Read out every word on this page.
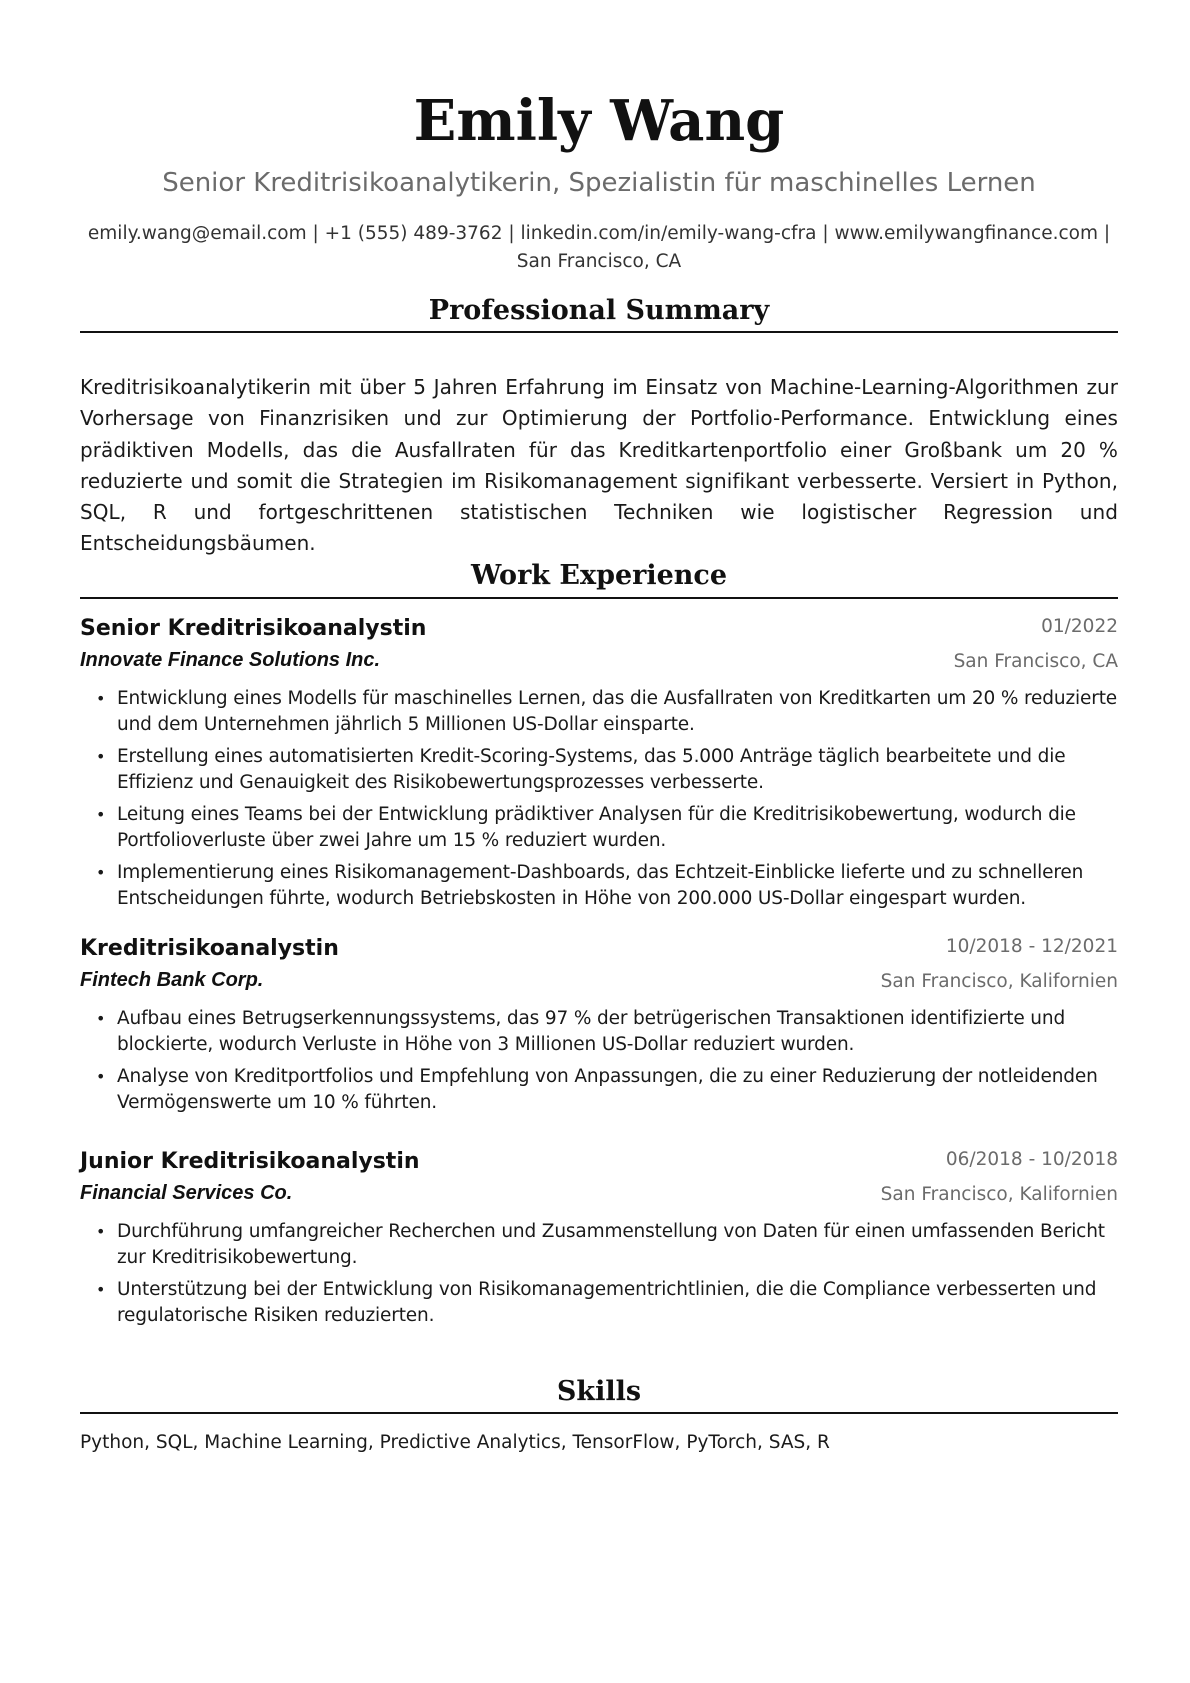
Emily Wang

Senior Kreditrisikoanalytikerin, Spezialistin für maschinelles Lernen

emily.wang@email.com | +1 (555) 489-3762 | linkedin.com/in/emily-wang-cfra | www.emilywangfinance.com |
San Francisco, CA

Professional Summary

Kreditrisikoanalytikerin mit über 5 Jahren Erfahrung im Einsatz von Machine-Learning-Algorithmen zur Vorhersage von Finanzrisiken und zur Optimierung der Portfolio-Performance. Entwicklung eines prädiktiven Modells, das die Ausfallraten für das Kreditkartenportfolio einer Großbank um 20 % reduzierte und somit die Strategien im Risikomanagement signifikant verbesserte. Versiert in Python, SQL, R und fortgeschrittenen statistischen Techniken wie logistischer Regression und Entscheidungsbäumen.

Work Experience

Senior Kreditrisikoanalystin	01/2022

Innovate Finance Solutions Inc.	San Francisco, CA

• Entwicklung eines Modells für maschinelles Lernen, das die Ausfallraten von Kreditkarten um 20 % reduzierte und dem Unternehmen jährlich 5 Millionen US-Dollar einsparte.
• Erstellung eines automatisierten Kredit-Scoring-Systems, das 5.000 Anträge täglich bearbeitete und die Effizienz und Genauigkeit des Risikobewertungsprozesses verbesserte.
• Leitung eines Teams bei der Entwicklung prädiktiver Analysen für die Kreditrisikobewertung, wodurch die Portfolioverluste über zwei Jahre um 15 % reduziert wurden.
• Implementierung eines Risikomanagement-Dashboards, das Echtzeit-Einblicke lieferte und zu schnelleren Entscheidungen führte, wodurch Betriebskosten in Höhe von 200.000 US-Dollar eingespart wurden.

Kreditrisikoanalystin	10/2018 - 12/2021

Fintech Bank Corp.	San Francisco, Kalifornien

• Aufbau eines Betrugserkennungssystems, das 97 % der betrügerischen Transaktionen identifizierte und blockierte, wodurch Verluste in Höhe von 3 Millionen US-Dollar reduziert wurden.
• Analyse von Kreditportfolios und Empfehlung von Anpassungen, die zu einer Reduzierung der notleidenden Vermögenswerte um 10 % führten.

Junior Kreditrisikoanalystin	06/2018 - 10/2018

Financial Services Co.	San Francisco, Kalifornien

• Durchführung umfangreicher Recherchen und Zusammenstellung von Daten für einen umfassenden Bericht zur Kreditrisikobewertung.
• Unterstützung bei der Entwicklung von Risikomanagementrichtlinien, die die Compliance verbesserten und regulatorische Risiken reduzierten.
Skills

Python, SQL, Machine Learning, Predictive Analytics, TensorFlow, PyTorch, SAS, R
